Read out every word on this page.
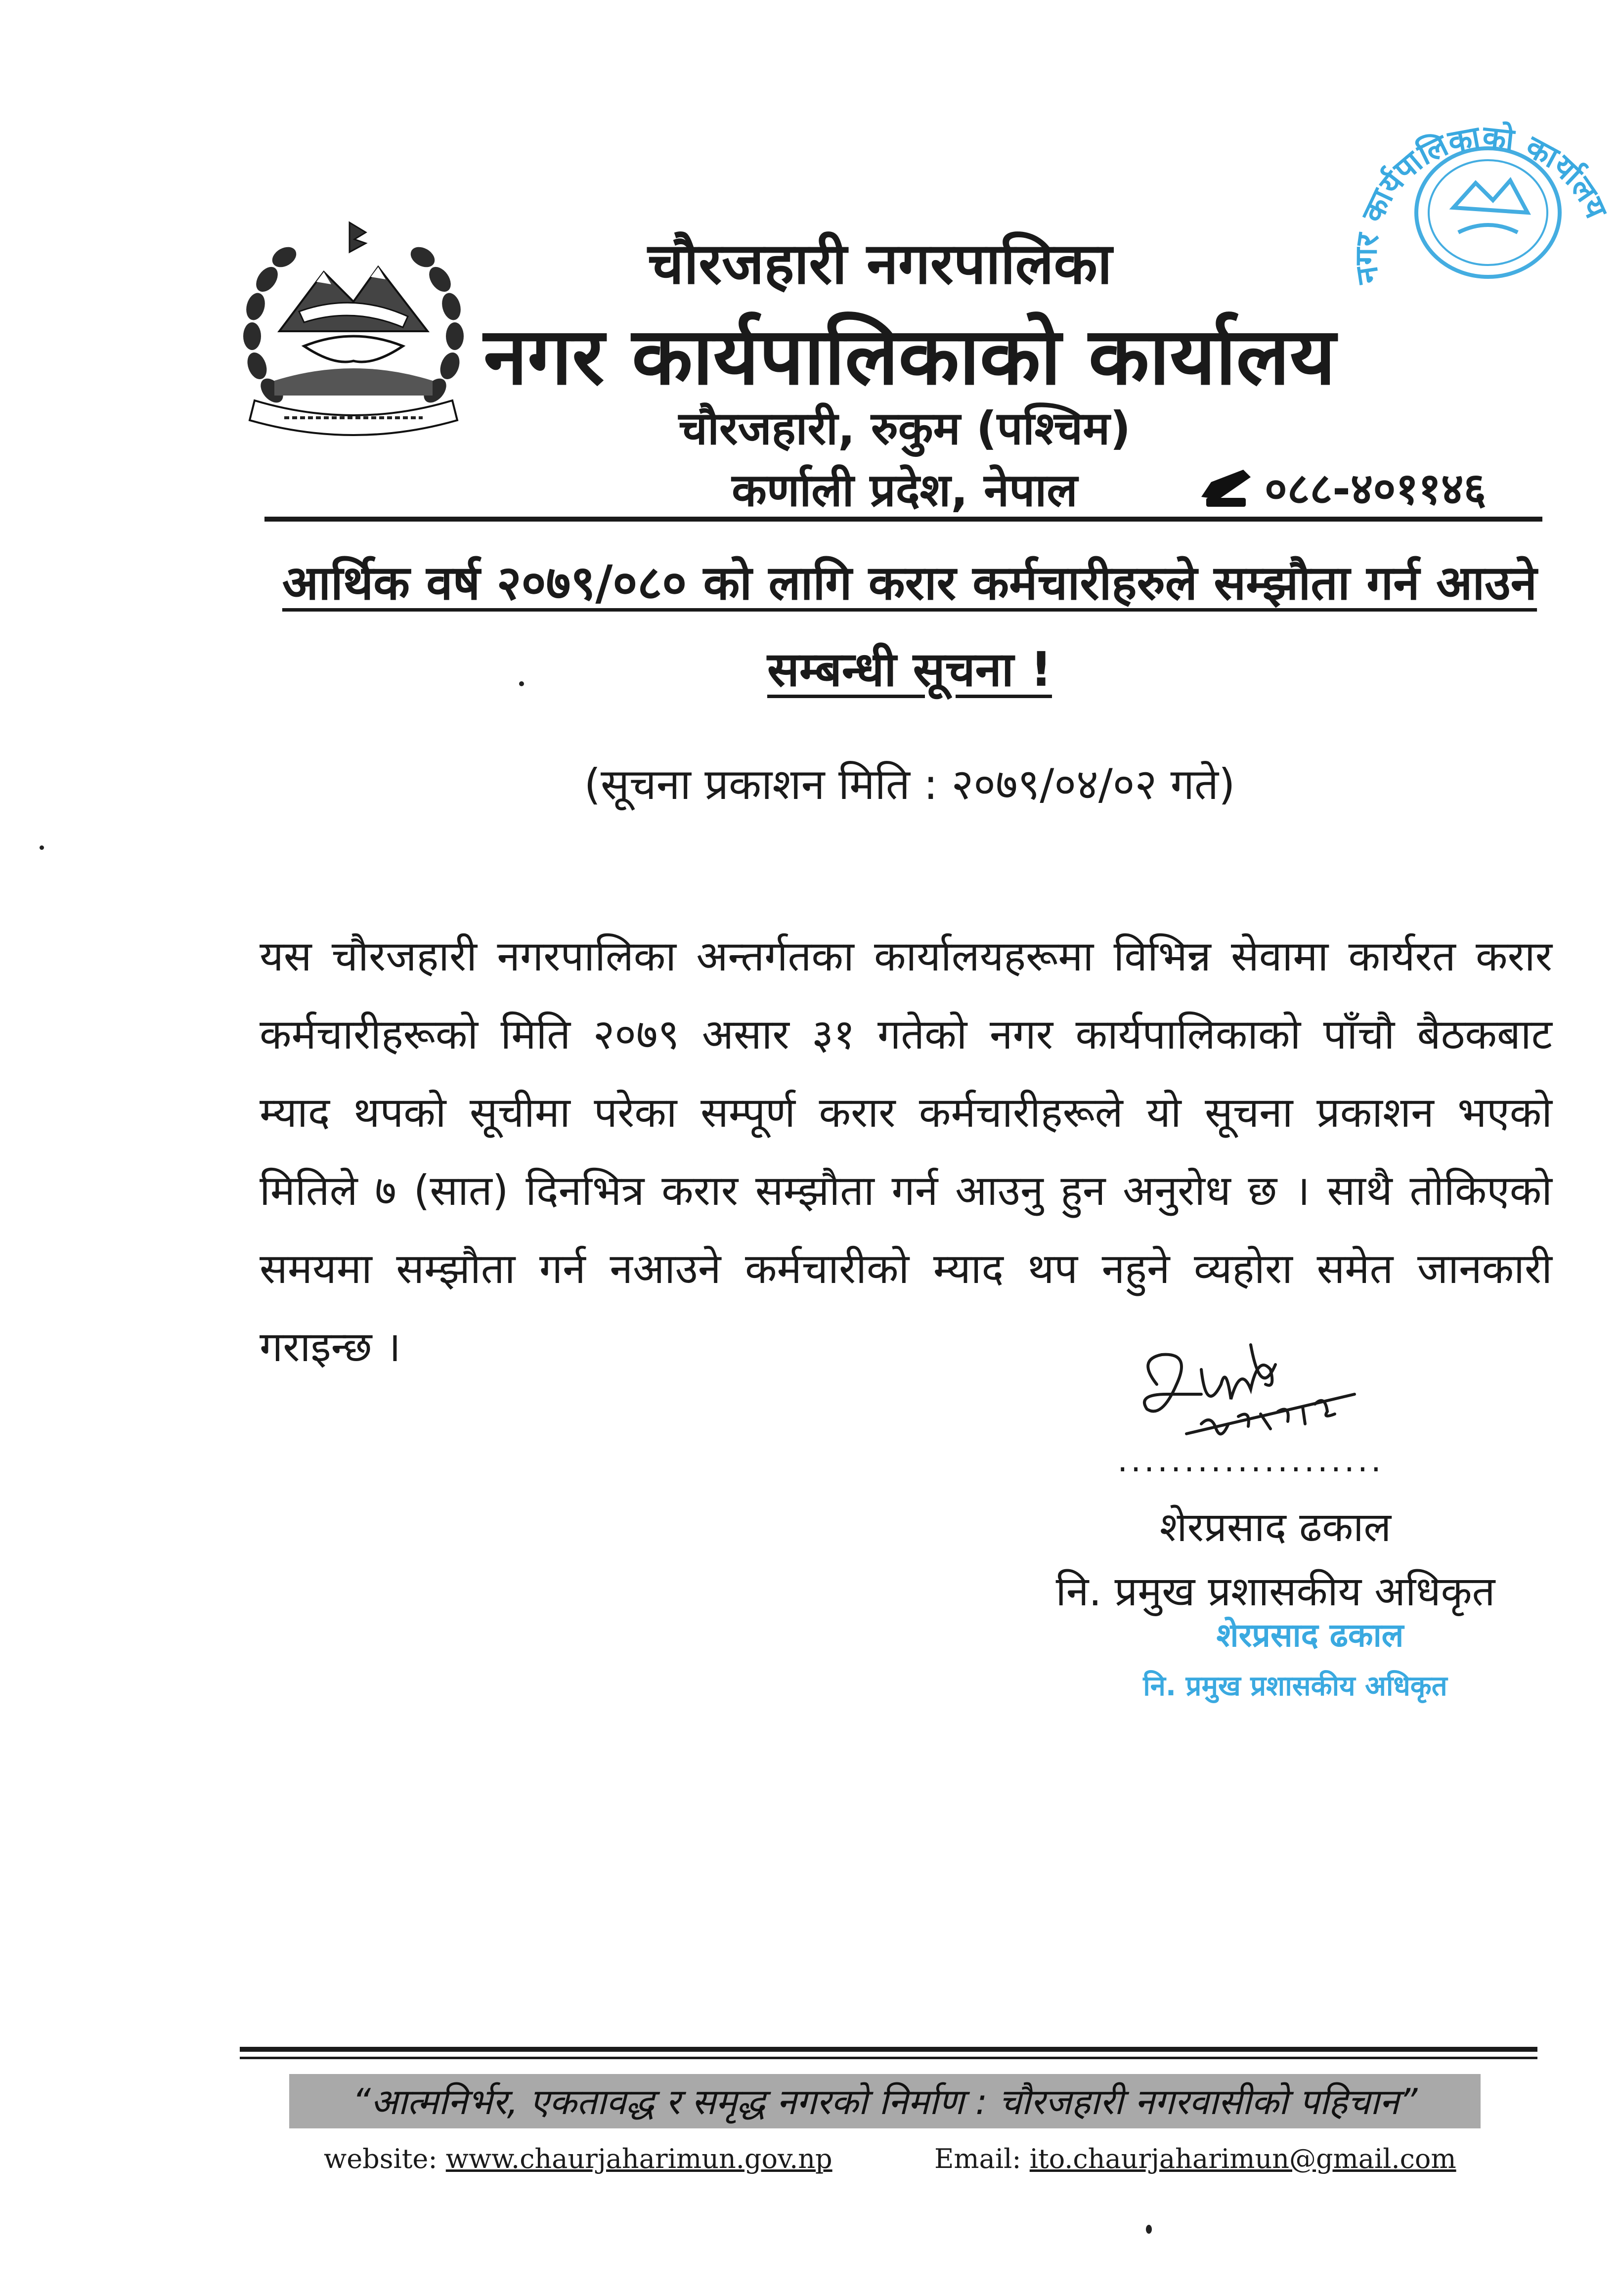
चौरजहारी नगरपालिका
नगर कार्यपालिकाको कार्यालय
चौरजहारी, रुकुम (पश्चिम)
कर्णाली प्रदेश, नेपाल	०८८-४०११४६
नगर कार्यपालिकाको कार्यालय
आर्थिक वर्ष २०७९/०८० को लागि करार कर्मचारीहरुले सम्झौता गर्न आउने
सम्बन्धी सूचना !
(सूचना प्रकाशन मिति : २०७९/०४/०२ गते)
यस चौरजहारी नगरपालिका अन्तर्गतका कार्यालयहरूमा विभिन्न सेवामा कार्यरत करार कर्मचारीहरूको मिति २०७९ असार ३१ गतेको नगर कार्यपालिकाको पाँचौ बैठकबाट म्याद थपको सूचीमा परेका सम्पूर्ण करार कर्मचारीहरूले यो सूचना प्रकाशन भएको मितिले ७ (सात) दिनभित्र करार सम्झौता गर्न आउनु हुन अनुरोध छ । साथै तोकिएको समयमा सम्झौता गर्न नआउने कर्मचारीको म्याद थप नहुने व्यहोरा समेत जानकारी गराइन्छ ।
....................
शेरप्रसाद ढकाल
नि. प्रमुख प्रशासकीय अधिकृत
शेरप्रसाद ढकाल
नि. प्रमुख प्रशासकीय अधिकृत
“आत्मनिर्भर, एकतावद्ध र समृद्ध नगरको निर्माण : चौरजहारी नगरवासीको पहिचान”
website: www.chaurjaharimun.gov.np	Email: ito.chaurjaharimun@gmail.com
